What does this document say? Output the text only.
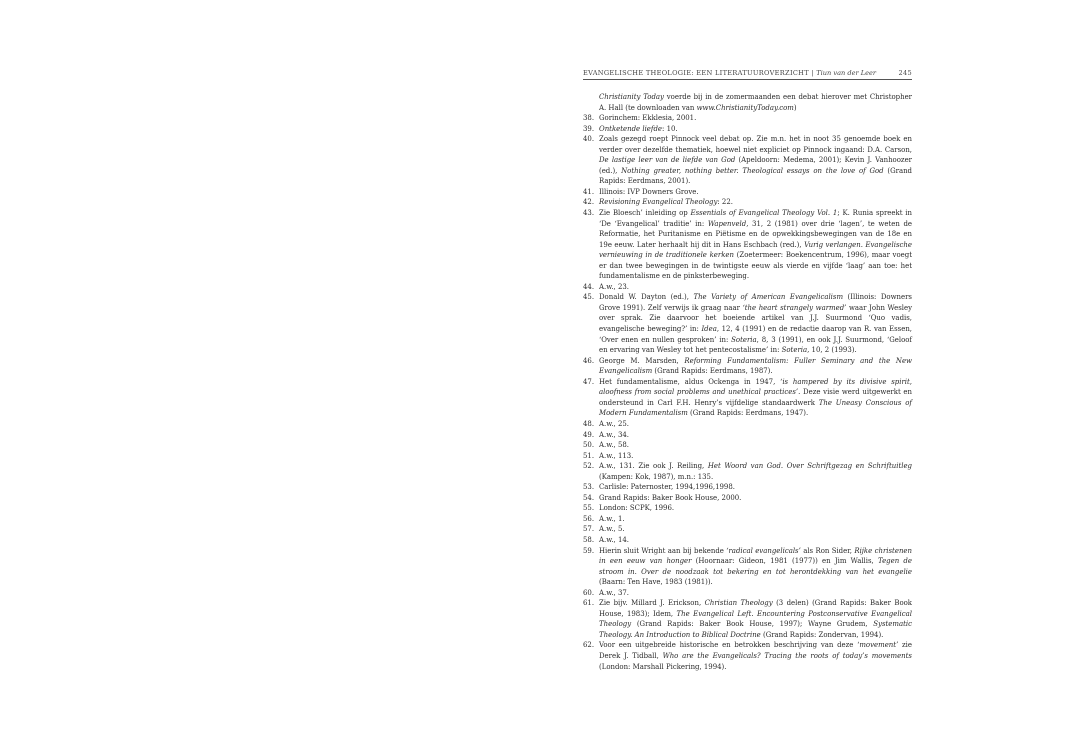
EVANGELISCHE THEOLOGIE: EEN LITERATUUROVERZICHT | Tiun van der Leer	245
Christianity Today voerde bij in de zomermaanden een debat hierover met Christopher A. Hall (te downloaden van www.ChristianityToday.com)
38. Gorinchem: Ekklesia, 2001.
39. Ontketende liefde: 10.
40. Zoals gezegd roept Pinnock veel debat op. Zie m.n. het in noot 35 genoemde boek en verder over dezelfde thematiek, hoewel niet expliciet op Pinnock ingaand: D.A. Carson, De lastige leer van de liefde van God (Apeldoorn: Medema, 2001); Kevin J. Vanhoozer (ed.), Nothing greater, nothing better. Theological essays on the love of God (Grand Rapids: Eerdmans, 2001).
41. Illinois: IVP Downers Grove.
42. Revisioning Evangelical Theology: 22.
43. Zie Bloesch’ inleiding op Essentials of Evangelical Theology Vol. 1; K. Runia spreekt in ‘De ‘Evangelical’ traditie’ in: Wapenveld, 31, 2 (1981) over drie ‘lagen’, te weten de Reformatie, het Puritanisme en Piëtisme en de opwekkingsbewegingen van de 18e en 19e eeuw. Later herhaalt hij dit in Hans Eschbach (red.), Vurig verlangen. Evangelische vernieuwing in de traditionele kerken (Zoetermeer: Boekencentrum, 1996), maar voegt er dan twee bewegingen in de twintigste eeuw als vierde en vijfde ‘laag’ aan toe: het fundamentalisme en de pinksterbeweging.
44. A.w., 23.
45. Donald W. Dayton (ed.), The Variety of American Evangelicalism (Illinois: Downers Grove 1991). Zelf verwijs ik graag naar ‘the heart strangely warmed’ waar John Wesley over sprak. Zie daarvoor het boeiende artikel van J.J. Suurmond ‘Quo vadis, evangelische beweging?’ in: Idea, 12, 4 (1991) en de redactie daarop van R. van Essen, ‘Over enen en nullen gesproken’ in: Soteria, 8, 3 (1991), en ook J.J. Suurmond, ‘Geloof en ervaring van Wesley tot het pentecostalisme’ in: Soteria, 10, 2 (1993).
46. George M. Marsden, Reforming Fundamentalism: Fuller Seminary and the New Evangelicalism (Grand Rapids: Eerdmans, 1987).
47. Het fundamentalisme, aldus Ockenga in 1947, ‘is hampered by its divisive spirit, aloofness from social problems and unethical practices’. Deze visie werd uitgewerkt en ondersteund in Carl F.H. Henry’s vijfdelige standaardwerk The Uneasy Conscious of Modern Fundamentalism (Grand Rapids: Eerdmans, 1947).
48. A.w., 25.
49. A.w., 34.
50. A.w., 58.
51. A.w., 113.
52. A.w., 131. Zie ook J. Reiling, Het Woord van God. Over Schriftgezag en Schriftuitleg (Kampen: Kok, 1987), m.n.: 135.
53. Carlisle: Paternoster, 1994,1996,1998.
54. Grand Rapids: Baker Book House, 2000.
55. London: SCPK, 1996.
56. A.w., 1.
57. A.w., 5.
58. A.w., 14.
59. Hierin sluit Wright aan bij bekende ‘radical evangelicals’ als Ron Sider, Rijke christenen in een eeuw van honger (Hoornaar: Gideon, 1981 (1977)) en Jim Wallis, Tegen de stroom in. Over de noodzaak tot bekering en tot herontdekking van het evangelie (Baarn: Ten Have, 1983 (1981)).
60. A.w., 37.
61. Zie bijv. Millard J. Erickson, Christian Theology (3 delen) (Grand Rapids: Baker Book House, 1983); Idem, The Evangelical Left. Encountering Postconservative Evangelical Theology (Grand Rapids: Baker Book House, 1997); Wayne Grudem, Systematic Theology. An Introduction to Biblical Doctrine (Grand Rapids: Zondervan, 1994).
62. Voor een uitgebreide historische en betrokken beschrijving van deze ‘movement’ zie Derek J. Tidball, Who are the Evangelicals? Tracing the roots of today’s movements (London: Marshall Pickering, 1994).
